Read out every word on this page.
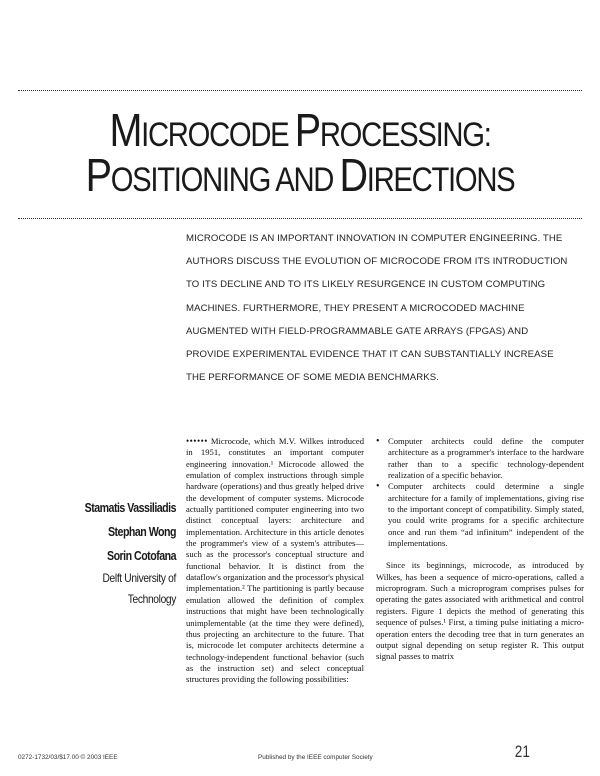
MICROCODE PROCESSING:
POSITIONING AND DIRECTIONS
MICROCODE IS AN IMPORTANT INNOVATION IN COMPUTER ENGINEERING. THE
AUTHORS DISCUSS THE EVOLUTION OF MICROCODE FROM ITS INTRODUCTION
TO ITS DECLINE AND TO ITS LIKELY RESURGENCE IN CUSTOM COMPUTING
MACHINES. FURTHERMORE, THEY PRESENT A MICROCODED MACHINE
AUGMENTED WITH FIELD-PROGRAMMABLE GATE ARRAYS (FPGAS) AND
PROVIDE EXPERIMENTAL EVIDENCE THAT IT CAN SUBSTANTIALLY INCREASE
THE PERFORMANCE OF SOME MEDIA BENCHMARKS.
Stamatis Vassiliadis
Stephan Wong
Sorin Cotofana
Delft University of
Technology

•••••• Microcode, which M.V. Wilkes introduced in 1951, constitutes an important computer engineering innovation.¹ Microcode allowed the emulation of complex instructions through simple hardware (operations) and thus greatly helped drive the development of computer systems. Microcode actually partitioned computer engineering into two distinct conceptual layers: architecture and implementation. Architecture in this article denotes the programmer's view of a system's attributes—such as the processor's conceptual structure and functional behavior. It is distinct from the dataflow's organization and the processor's physical implementation.² The partitioning is partly because emulation allowed the definition of complex instructions that might have been technologically unimplementable (at the time they were defined), thus projecting an architecture to the future. That is, microcode let computer architects determine a technology-independent functional behavior (such as the instruction set) and select conceptual structures providing the following possibilities:

• Computer architects could define the computer architecture as a programmer's interface to the hardware rather than to a specific technology-dependent realization of a specific behavior.
• Computer architects could determine a single architecture for a family of implementations, giving rise to the important concept of compatibility. Simply stated, you could write programs for a specific architecture once and run them “ad infinitum” independent of the implementations.

Since its beginnings, microcode, as introduced by Wilkes, has been a sequence of micro-operations, called a microprogram. Such a microprogram comprises pulses for operating the gates associated with arithmetical and control registers. Figure 1 depicts the method of generating this sequence of pulses.¹ First, a timing pulse initiating a micro-operation enters the decoding tree that in turn generates an output signal depending on setup register R. This output signal passes to matrix

0272-1732/03/$17.00 © 2003 IEEE	Published by the IEEE computer Society	21
